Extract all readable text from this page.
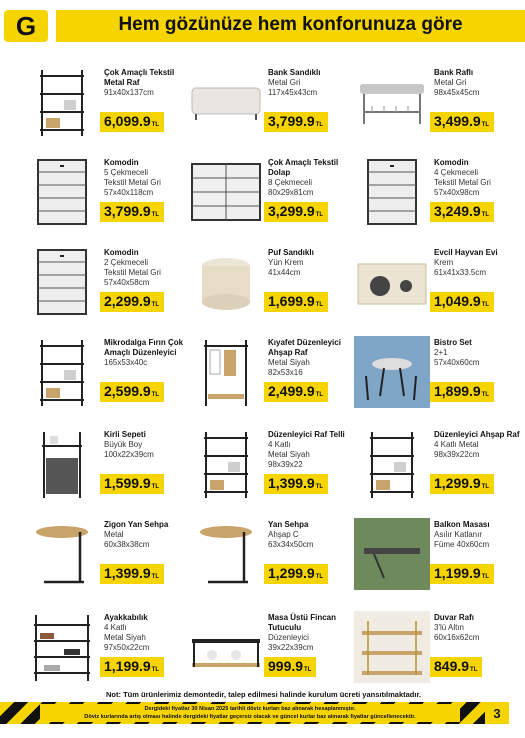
G	Hem gözünüze hem konforunuza göre
Çok Amaçlı Tekstil Metal Raf
91x40x137cm
6,099.9TL
Bank Sandıklı
Metal Gri
117x45x43cm
3,799.9TL
Bank Raflı
Metal Gri
98x45x45cm
3,499.9TL
Komodin
5 Çekmeceli
Tekstil Metal Gri
57x40x118cm
3,799.9TL
Çok Amaçlı Tekstil Dolap
8 Çekmeceli
80x29x81cm
3,299.9TL
Komodin
4 Çekmeceli
Tekstil Metal Gri
57x40x98cm
3,249.9TL
Komodin
2 Çekmeceli
Tekstil Metal Gri
57x40x58cm
2,299.9TL
Puf Sandıklı
Yün Krem
41x44cm
1,699.9TL
Evcil Hayvan Evi
Krem
61x41x33.5cm
1,049.9TL
Mikrodalga Fırın Çok Amaçlı Düzenleyici
165x53x40c
2,599.9TL
Kıyafet Düzenleyici Ahşap Raf
Metal Siyah
82x53x16
2,499.9TL
Bistro Set
2+1
57x40x60cm
1,899.9TL
Kirli Sepeti
Büyük Boy
100x22x39cm
1,599.9TL
Düzenleyici Raf Telli
4 Katlı
Metal Siyah
98x39x22
1,399.9TL
Düzenleyici Ahşap Raf
4 Katlı Metal
98x39x22cm
1,299.9TL
Zigon Yan Sehpa
Metal
60x38x38cm
1,399.9TL
Yan Sehpa
Ahşap C
63x34x50cm
1,299.9TL
Balkon Masası
Asılır Katlanır
Füme 40x60cm
1,199.9TL
Ayakkabılık
4 Katlı
Metal Siyah
97x50x22cm
1,199.9TL
Masa Üstü Fincan Tutuculu
Düzenleyici
39x22x39cm
999.9TL
Duvar Rafı
3'lü Altın
60x16x62cm
849.9TL
Not: Tüm ürünlerimiz demontedir, talep edilmesi halinde kurulum ücreti yansıtılmaktadır.
Dergideki fiyatlar 30 Nisan 2025 tarihli döviz kurları baz alınarak hesaplanmıştır.
Döviz kurlarında artış olması halinde dergideki fiyatlar geçersiz olacak ve güncel kurlar baz alınarak fiyatlar güncellenecektir.	3
